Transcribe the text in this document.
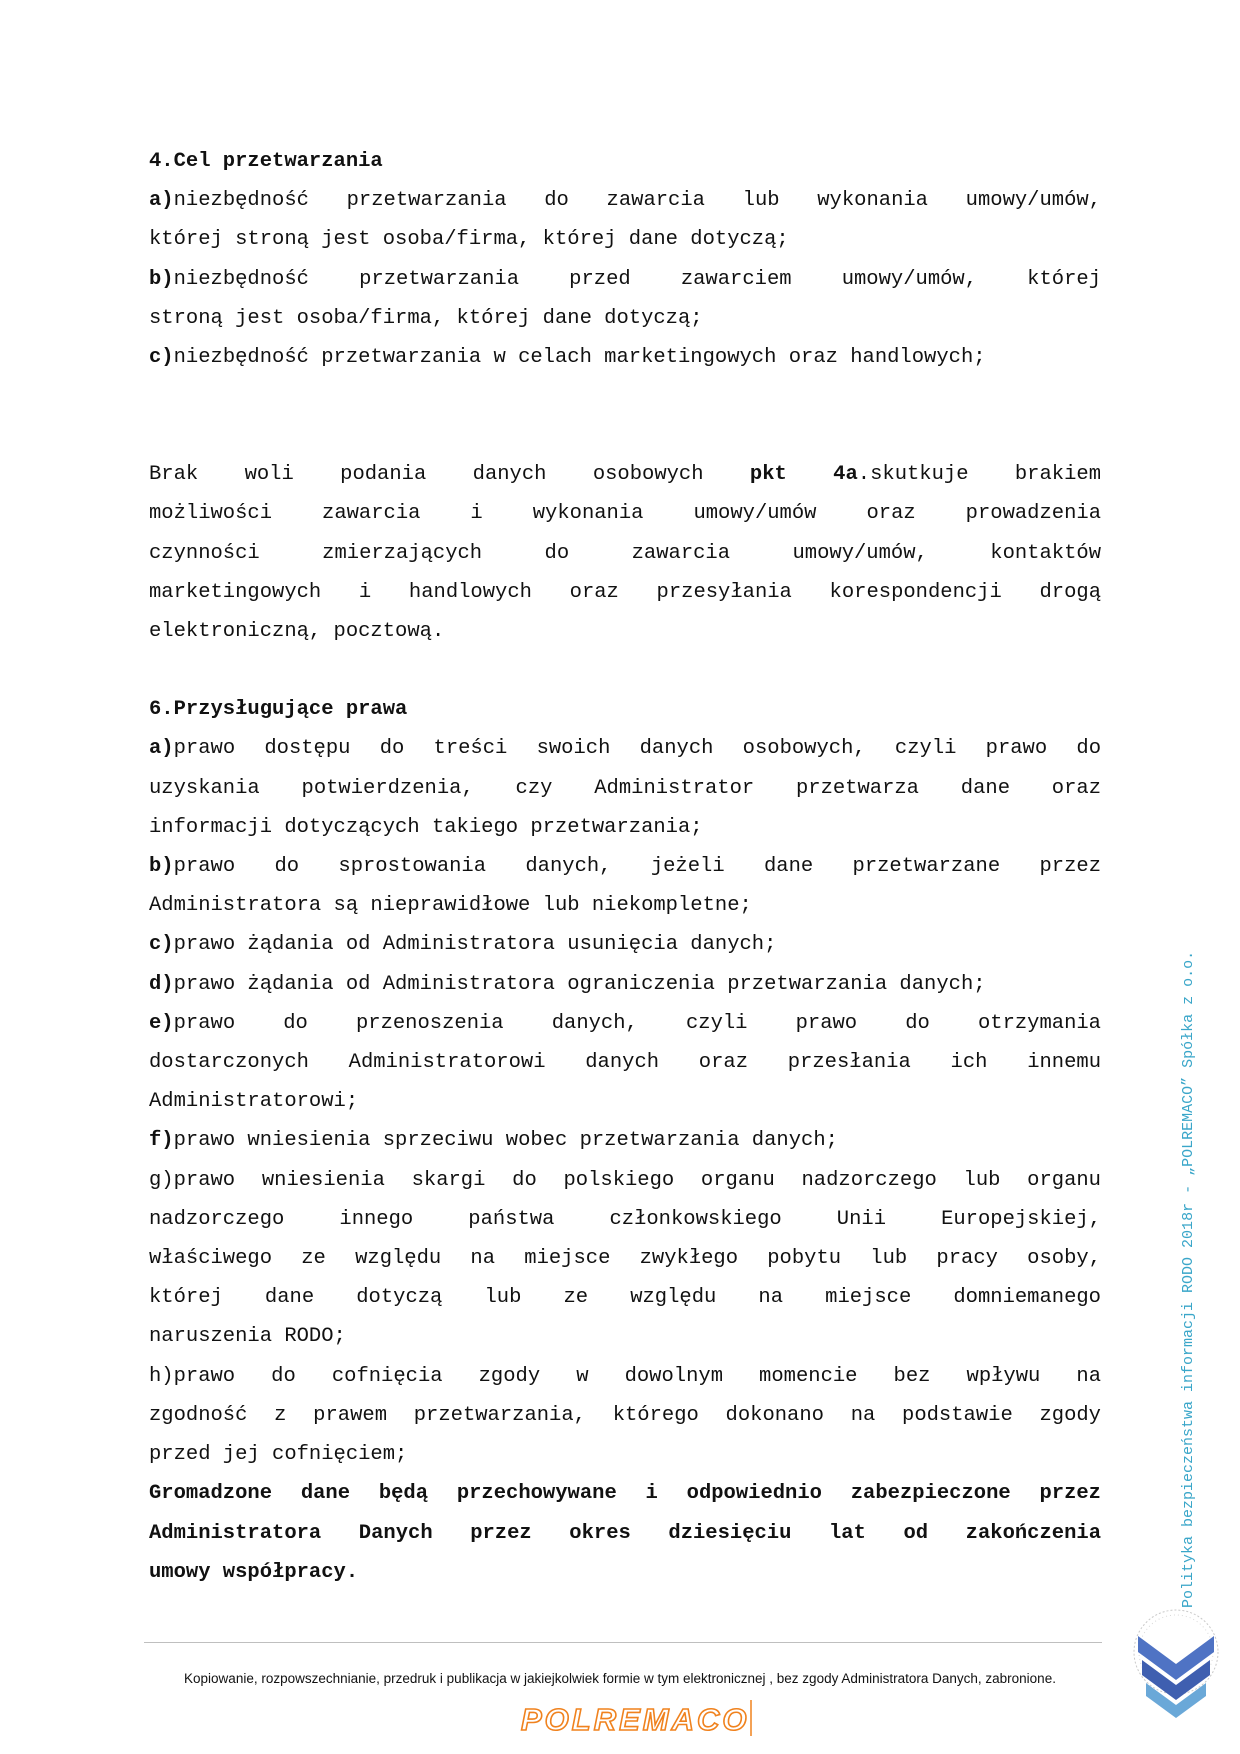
4.Cel przetwarzania
a)niezbędność przetwarzania do zawarcia lub wykonania umowy/umów,
której stroną jest osoba/firma, której dane dotyczą;
b)niezbędność przetwarzania przed zawarciem umowy/umów, której
stroną jest osoba/firma, której dane dotyczą;
c)niezbędność przetwarzania w celach marketingowych oraz handlowych;
Brak woli podania danych osobowych pkt 4a.skutkuje brakiem
możliwości zawarcia i wykonania umowy/umów oraz prowadzenia
czynności zmierzających do zawarcia umowy/umów, kontaktów
marketingowych i handlowych oraz przesyłania korespondencji drogą
elektroniczną, pocztową.
6.Przysługujące prawa
a)prawo dostępu do treści swoich danych osobowych, czyli prawo do
uzyskania potwierdzenia, czy Administrator przetwarza dane oraz
informacji dotyczących takiego przetwarzania;
b)prawo do sprostowania danych, jeżeli dane przetwarzane przez
Administratora są nieprawidłowe lub niekompletne;
c)prawo żądania od Administratora usunięcia danych;
d)prawo żądania od Administratora ograniczenia przetwarzania danych;
e)prawo do przenoszenia danych, czyli prawo do otrzymania
dostarczonych Administratorowi danych oraz przesłania ich innemu
Administratorowi;
f)prawo wniesienia sprzeciwu wobec przetwarzania danych;
g)prawo wniesienia skargi do polskiego organu nadzorczego lub organu
nadzorczego innego państwa członkowskiego Unii Europejskiej,
właściwego ze względu na miejsce zwykłego pobytu lub pracy osoby,
której dane dotyczą lub ze względu na miejsce domniemanego
naruszenia RODO;
h)prawo do cofnięcia zgody w dowolnym momencie bez wpływu na
zgodność z prawem przetwarzania, którego dokonano na podstawie zgody
przed jej cofnięciem;
Gromadzone dane będą przechowywane i odpowiednio zabezpieczone przez
Administratora Danych przez okres dziesięciu lat od zakończenia
umowy współpracy.
Kopiowanie, rozpowszechnianie, przedruk i publikacja w jakiejkolwiek formie w tym elektronicznej , bez zgody Administratora Danych, zabronione.
POLREMACO
Polityka bezpieczeństwa informacji RODO 2018r - „POLREMACO” Spółka z o.o.
